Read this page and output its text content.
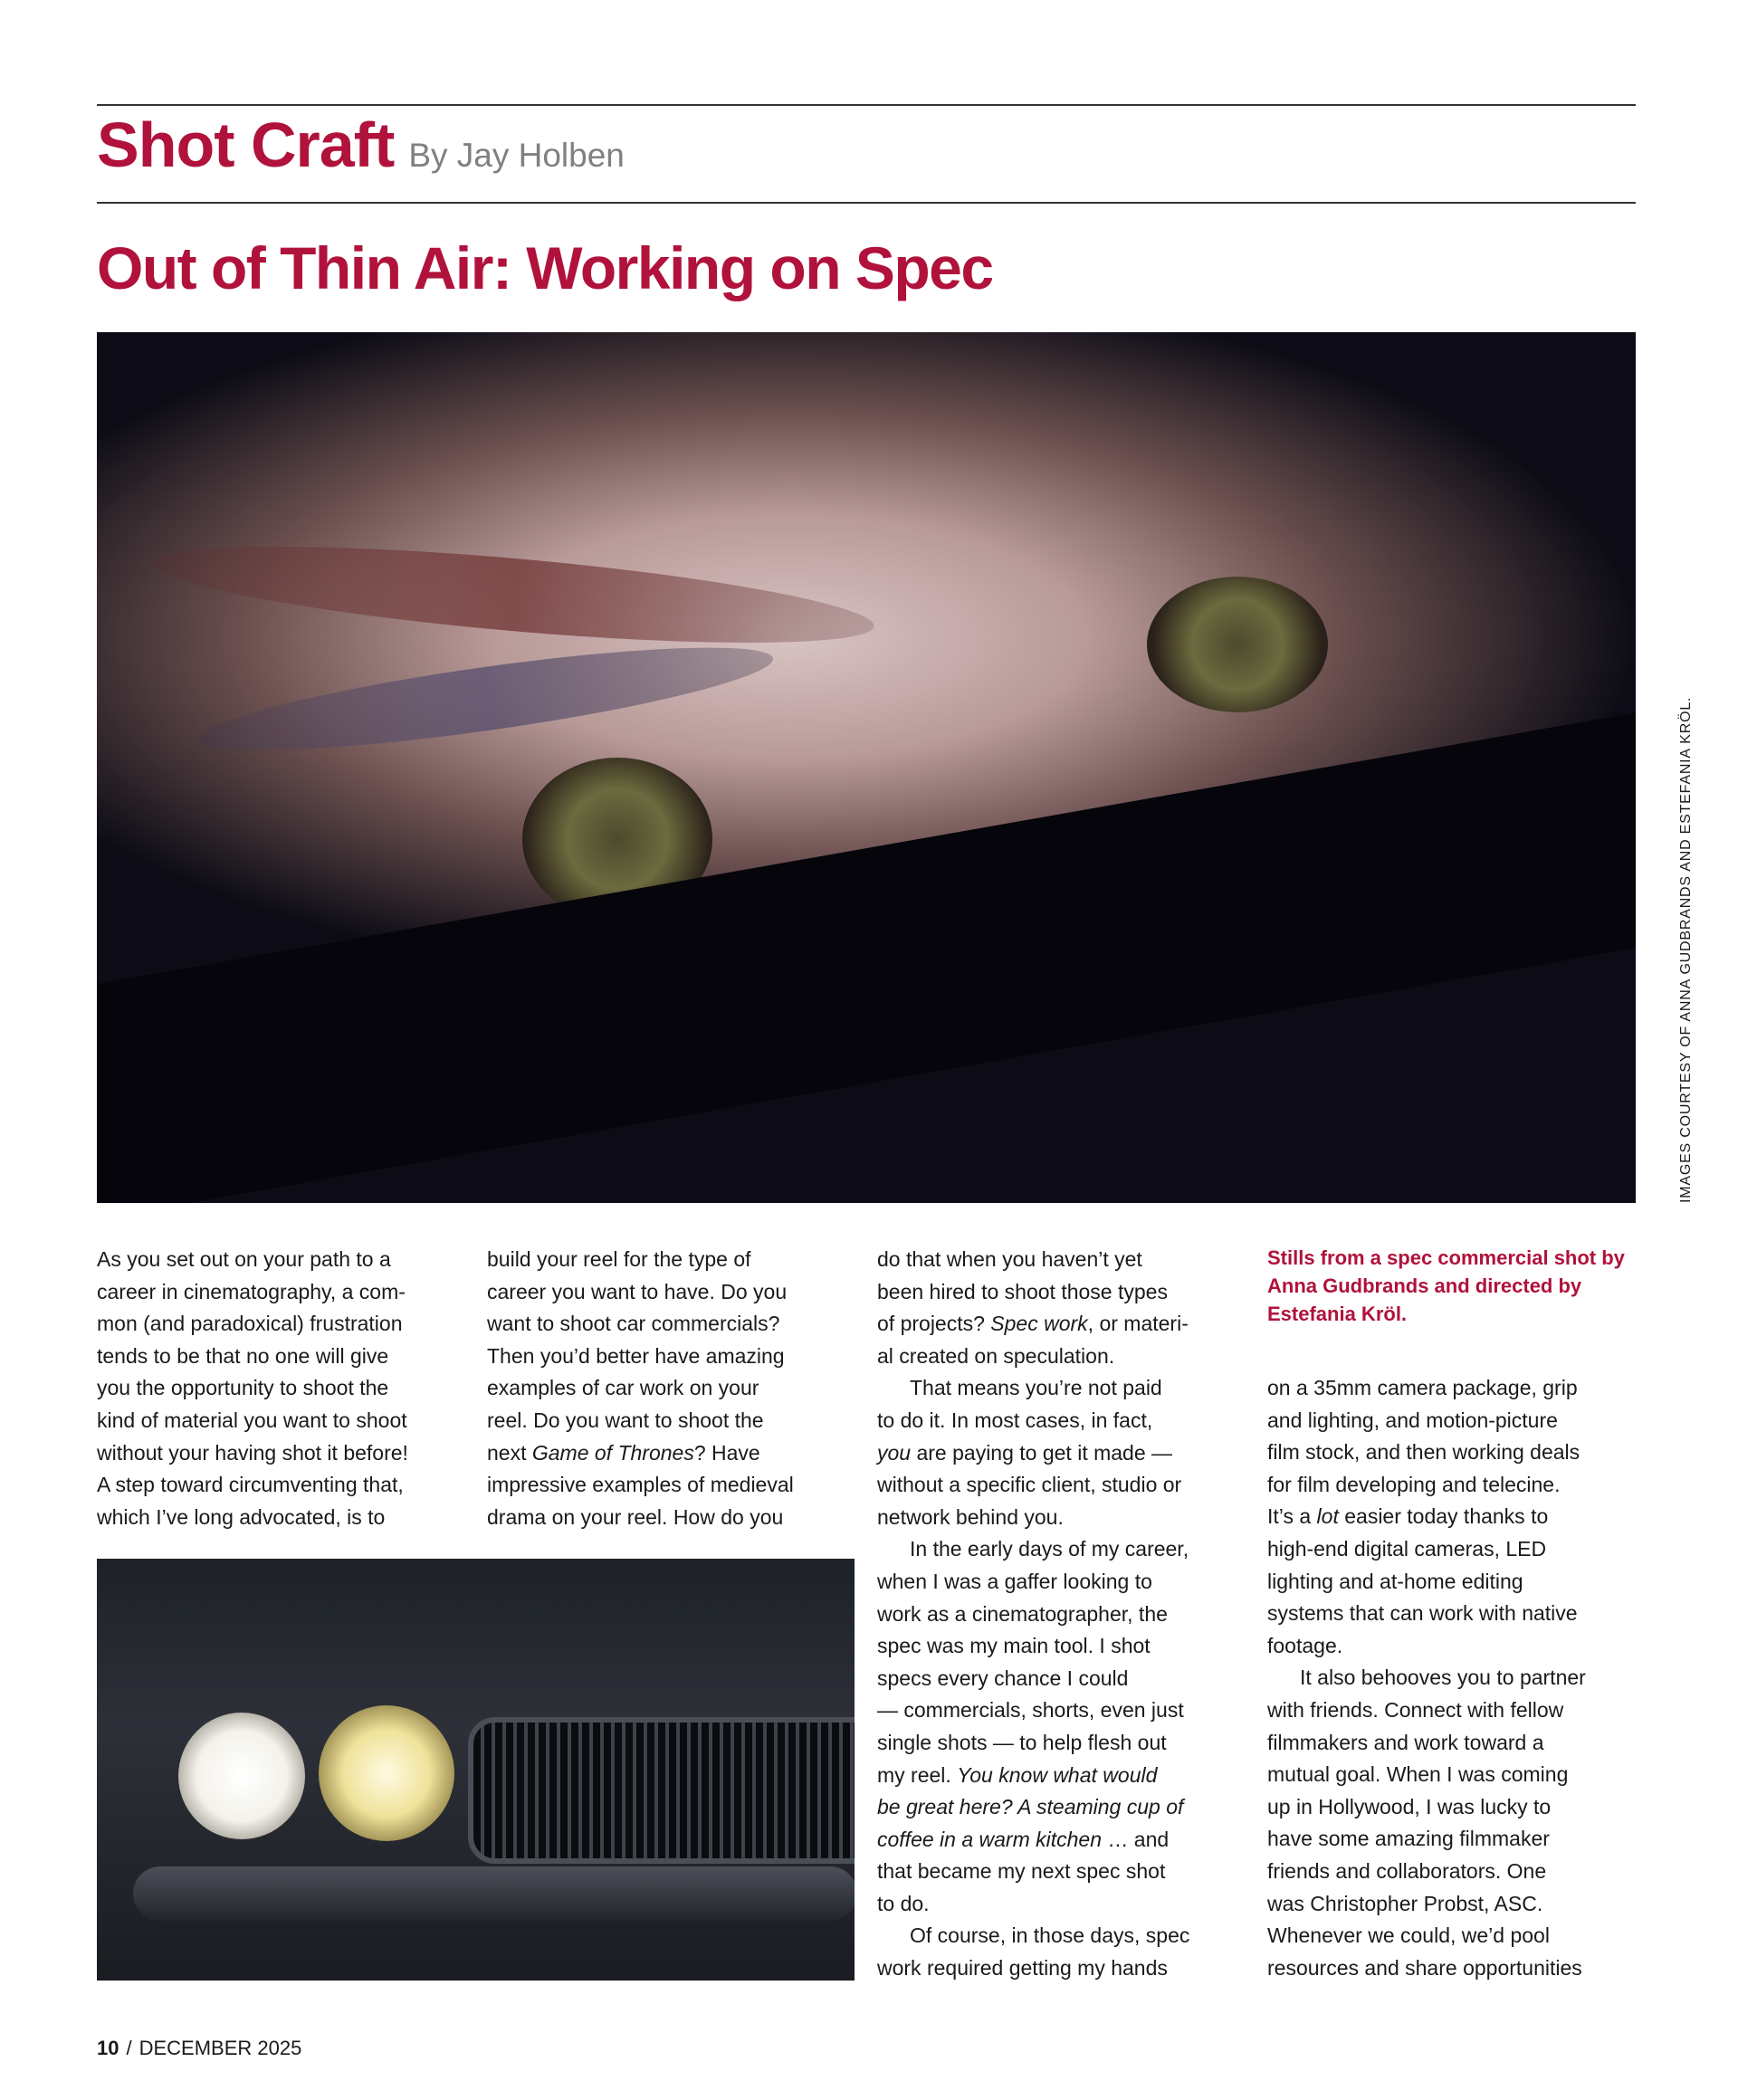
Shot Craft By Jay Holben
Out of Thin Air: Working on Spec
IMAGES COURTESY OF ANNA GUDBRANDS AND ESTEFANIA KRÖL.

As you set out on your path to a
career in cinematography, a com-
mon (and paradoxical) frustration
tends to be that no one will give
you the opportunity to shoot the
kind of material you want to shoot
without your having shot it before!
A step toward circumventing that,
which I’ve long advocated, is to

build your reel for the type of
career you want to have. Do you
want to shoot car commercials?
Then you’d better have amazing
examples of car work on your
reel. Do you want to shoot the
next Game of Thrones? Have
impressive examples of medieval
drama on your reel. How do you

do that when you haven’t yet
been hired to shoot those types
of projects? Spec work, or materi-
al created on speculation.

That means you’re not paid
to do it. In most cases, in fact,
you are paying to get it made —
without a specific client, studio or
network behind you.

In the early days of my career,
when I was a gaffer looking to
work as a cinematographer, the
spec was my main tool. I shot
specs every chance I could
— commercials, shorts, even just
single shots — to help flesh out
my reel. You know what would
be great here? A steaming cup of
coffee in a warm kitchen … and
that became my next spec shot
to do.

Of course, in those days, spec
work required getting my hands

Stills from a spec commercial shot by Anna Gudbrands and directed by Estefania Kröl.

on a 35mm camera package, grip
and lighting, and motion-picture
film stock, and then working deals
for film developing and telecine.
It’s a lot easier today thanks to
high-end digital cameras, LED
lighting and at-home editing
systems that can work with native
footage.

It also behooves you to partner
with friends. Connect with fellow
filmmakers and work toward a
mutual goal. When I was coming
up in Hollywood, I was lucky to
have some amazing filmmaker
friends and collaborators. One
was Christopher Probst, ASC.
Whenever we could, we’d pool
resources and share opportunities

10 / DECEMBER 2025
